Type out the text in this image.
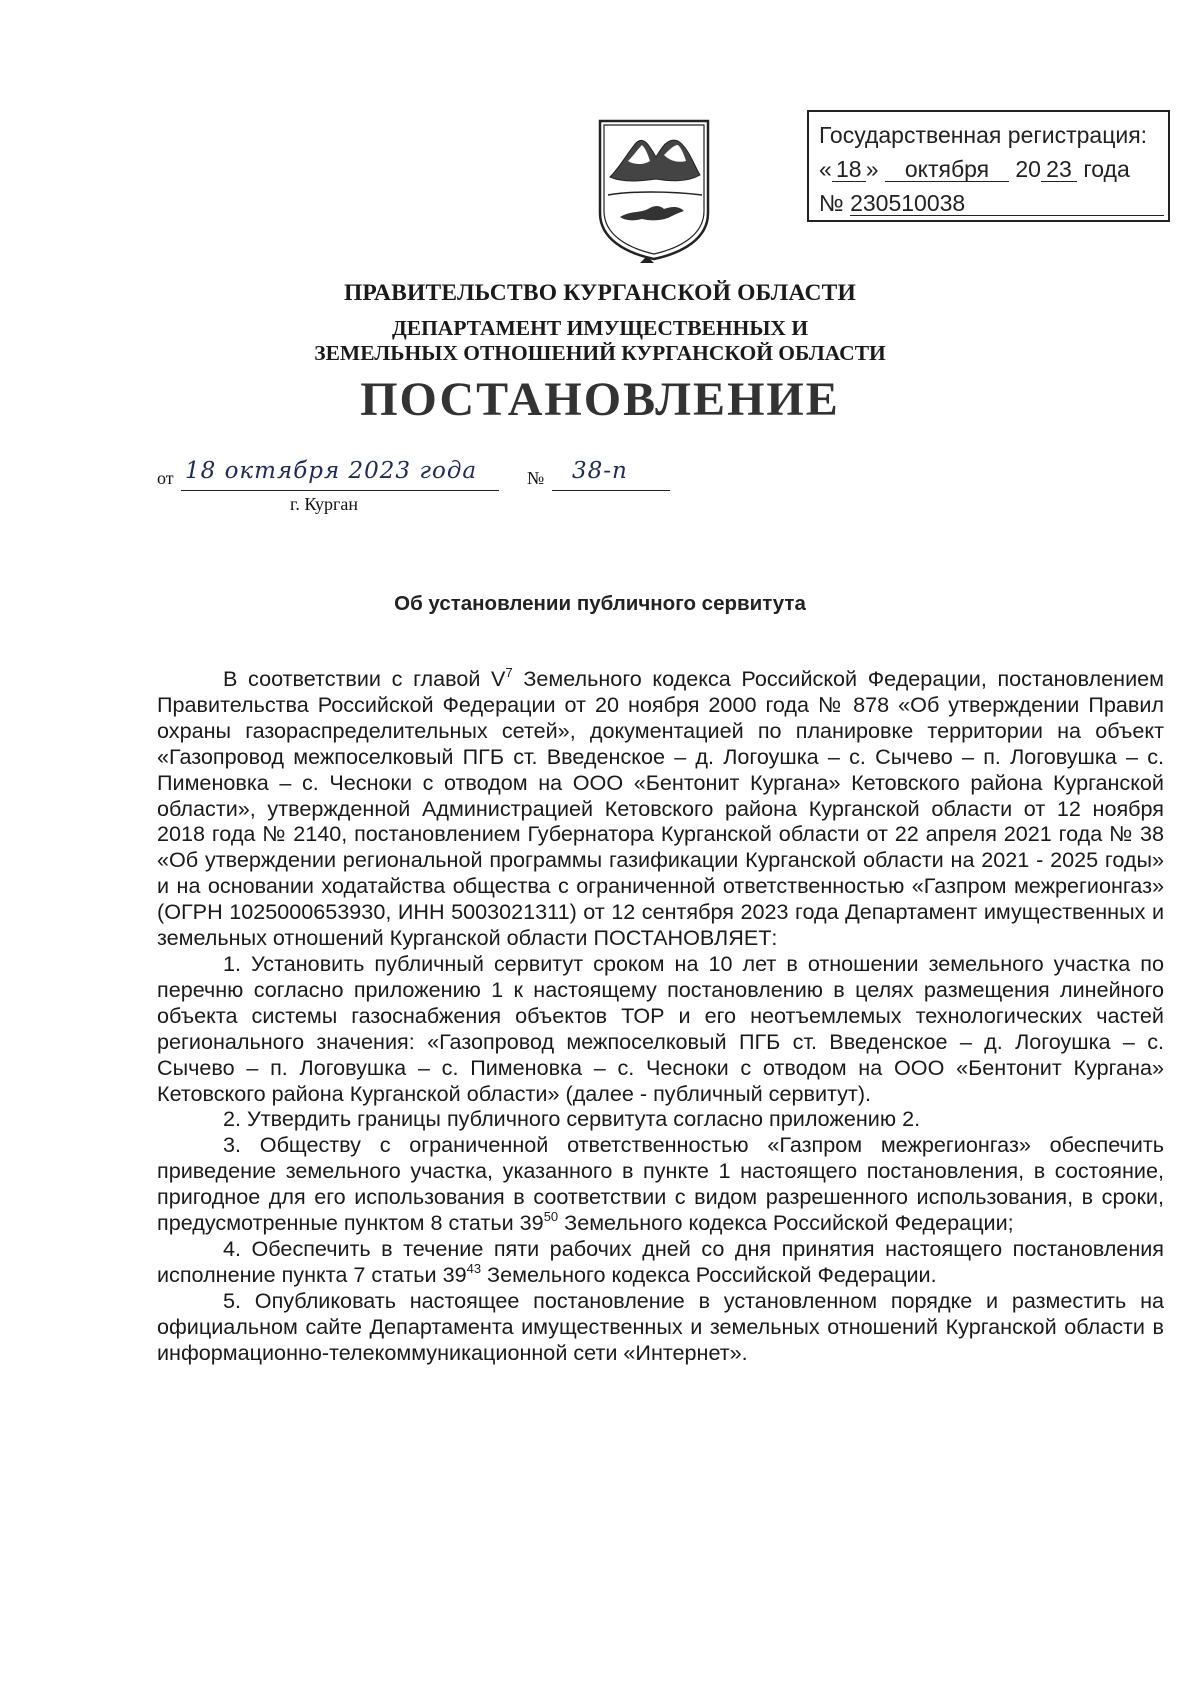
Государственная регистрация:
« 18 » октября 20 23 года
№ 230510038
ПРАВИТЕЛЬСТВО КУРГАНСКОЙ ОБЛАСТИ
ДЕПАРТАМЕНТ ИМУЩЕСТВЕННЫХ И
ЗЕМЕЛЬНЫХ ОТНОШЕНИЙ КУРГАНСКОЙ ОБЛАСТИ
ПОСТАНОВЛЕНИЕ
от 18 октября 2023 года	№ 38-п
г. Курган
Об установлении публичного сервитута

В соответствии с главой $V^7$ Земельного кодекса Российской Федерации, постановлением Правительства Российской Федерации от 20 ноября 2000 года № 878 «Об утверждении Правил охраны газораспределительных сетей», документацией по планировке территории на объект «Газопровод межпоселковый ПГБ ст. Введенское – д. Логоушка – с. Сычево – п. Логовушка – с. Пименовка – с. Чесноки с отводом на ООО «Бентонит Кургана» Кетовского района Курганской области», утвержденной Администрацией Кетовского района Курганской области от 12 ноября 2018 года № 2140, постановлением Губернатора Курганской области от 22 апреля 2021 года № 38 «Об утверждении региональной программы газификации Курганской области на 2021 - 2025 годы» и на основании ходатайства общества с ограниченной ответственностью «Газпром межрегионгаз» (ОГРН 1025000653930, ИНН 5003021311) от 12 сентября 2023 года Департамент имущественных и земельных отношений Курганской области ПОСТАНОВЛЯЕТ:

1. Установить публичный сервитут сроком на 10 лет в отношении земельного участка по перечню согласно приложению 1 к настоящему постановлению в целях размещения линейного объекта системы газоснабжения объектов ТОР и его неотъемлемых технологических частей регионального значения: «Газопровод межпоселковый ПГБ ст. Введенское – д. Логоушка – с. Сычево – п. Логовушка – с. Пименовка – с. Чесноки с отводом на ООО «Бентонит Кургана» Кетовского района Курганской области» (далее - публичный сервитут).

2. Утвердить границы публичного сервитута согласно приложению 2.

3. Обществу с ограниченной ответственностью «Газпром межрегионгаз» обеспечить приведение земельного участка, указанного в пункте 1 настоящего постановления, в состояние, пригодное для его использования в соответствии с видом разрешенного использования, в сроки, предусмотренные пунктом 8 статьи $39^{50}$ Земельного кодекса Российской Федерации;

4. Обеспечить в течение пяти рабочих дней со дня принятия настоящего постановления исполнение пункта 7 статьи $39^{43}$ Земельного кодекса Российской Федерации.

5. Опубликовать настоящее постановление в установленном порядке и разместить на официальном сайте Департамента имущественных и земельных отношений Курганской области в информационно-телекоммуникационной сети «Интернет».
